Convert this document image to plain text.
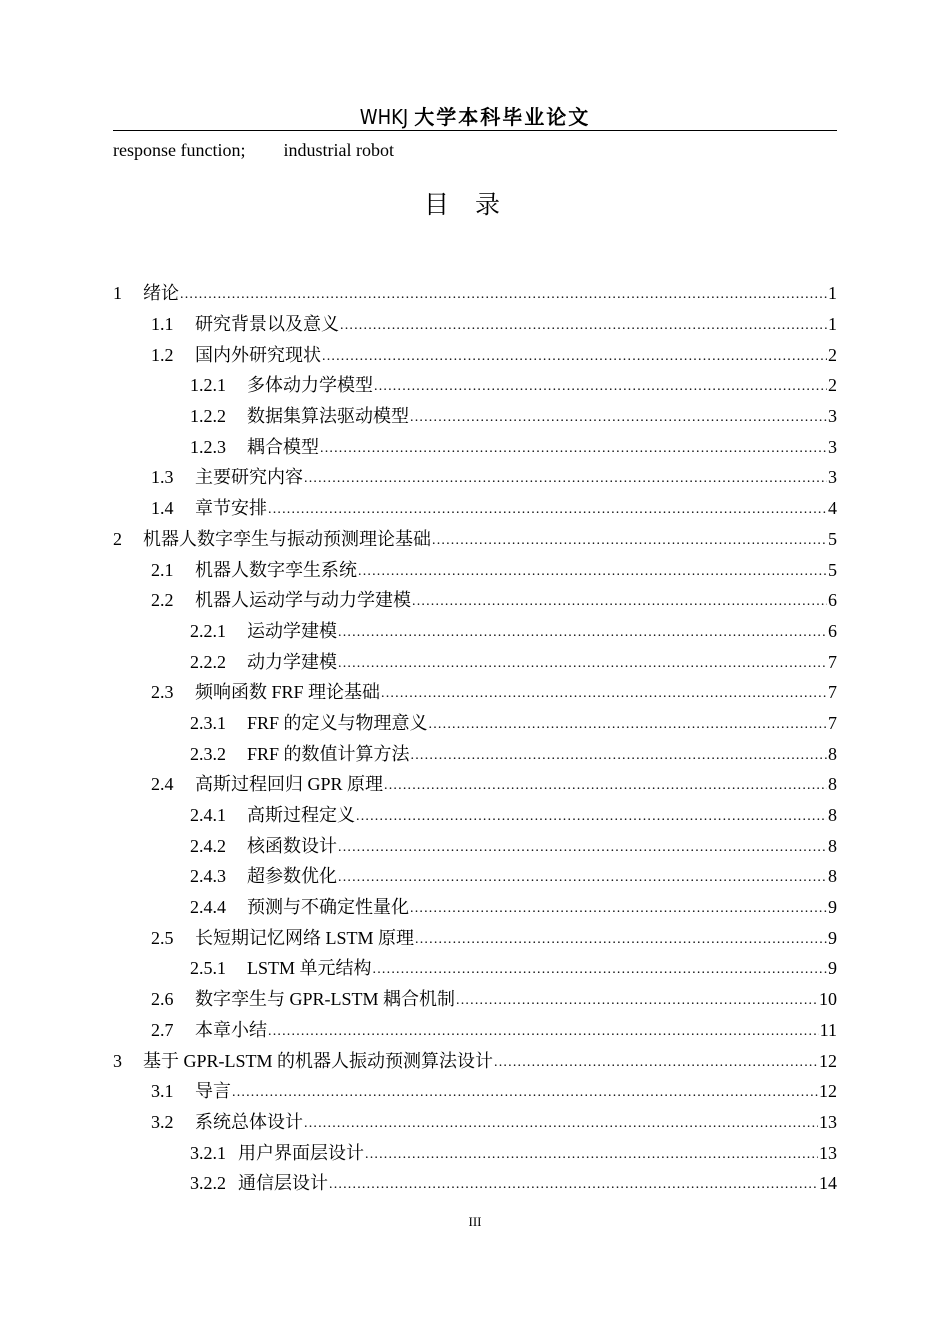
WHKJ 大学本科毕业论文
response function; industrial robot
目录
1	绪论 .....	1
1.1	研究背景以及意义 .....	1
1.2	国内外研究现状 .....	2
1.2.1	多体动力学模型 .....	2
1.2.2	数据集算法驱动模型 .....	3
1.2.3	耦合模型 .....	3
1.3	主要研究内容 .....	3
1.4	章节安排 .....	4
2	机器人数字孪生与振动预测理论基础 .....	5
2.1	机器人数字孪生系统 .....	5
2.2	机器人运动学与动力学建模 .....	6
2.2.1	运动学建模 .....	6
2.2.2	动力学建模 .....	7
2.3	频响函数 FRF 理论基础 .....	7
2.3.1	FRF 的定义与物理意义 .....	7
2.3.2	FRF 的数值计算方法 .....	8
2.4	高斯过程回归 GPR 原理 .....	8
2.4.1	高斯过程定义 .....	8
2.4.2	核函数设计 .....	8
2.4.3	超参数优化 .....	8
2.4.4	预测与不确定性量化 .....	9
2.5	长短期记忆网络 LSTM 原理 .....	9
2.5.1	LSTM 单元结构 .....	9
2.6	数字孪生与 GPR-LSTM 耦合机制 .....	10
2.7	本章小结 .....	11
3	基于 GPR-LSTM 的机器人振动预测算法设计 .....	12
3.1	导言 .....	12
3.2	系统总体设计 .....	13
3.2.1 用户界面层设计 .....	13
3.2.2 通信层设计 .....	14
III
